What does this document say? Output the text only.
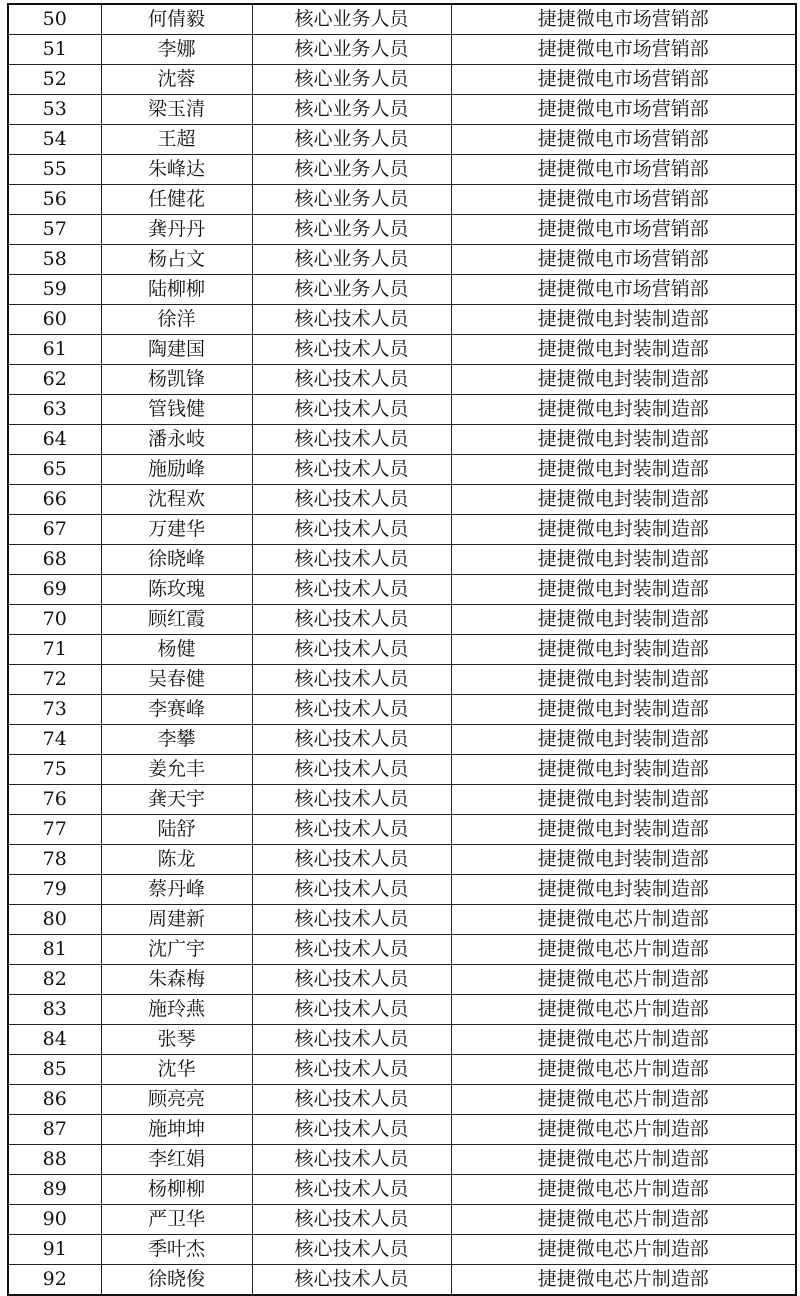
50	何倩毅	核心业务人员	捷捷微电市场营销部
51	李娜	核心业务人员	捷捷微电市场营销部
52	沈蓉	核心业务人员	捷捷微电市场营销部
53	梁玉清	核心业务人员	捷捷微电市场营销部
54	王超	核心业务人员	捷捷微电市场营销部
55	朱峰达	核心业务人员	捷捷微电市场营销部
56	任健花	核心业务人员	捷捷微电市场营销部
57	龚丹丹	核心业务人员	捷捷微电市场营销部
58	杨占文	核心业务人员	捷捷微电市场营销部
59	陆柳柳	核心业务人员	捷捷微电市场营销部
60	徐洋	核心技术人员	捷捷微电封装制造部
61	陶建国	核心技术人员	捷捷微电封装制造部
62	杨凯锋	核心技术人员	捷捷微电封装制造部
63	管钱健	核心技术人员	捷捷微电封装制造部
64	潘永岐	核心技术人员	捷捷微电封装制造部
65	施励峰	核心技术人员	捷捷微电封装制造部
66	沈程欢	核心技术人员	捷捷微电封装制造部
67	万建华	核心技术人员	捷捷微电封装制造部
68	徐晓峰	核心技术人员	捷捷微电封装制造部
69	陈玫瑰	核心技术人员	捷捷微电封装制造部
70	顾红霞	核心技术人员	捷捷微电封装制造部
71	杨健	核心技术人员	捷捷微电封装制造部
72	吴春健	核心技术人员	捷捷微电封装制造部
73	李赛峰	核心技术人员	捷捷微电封装制造部
74	李攀	核心技术人员	捷捷微电封装制造部
75	姜允丰	核心技术人员	捷捷微电封装制造部
76	龚天宇	核心技术人员	捷捷微电封装制造部
77	陆舒	核心技术人员	捷捷微电封装制造部
78	陈龙	核心技术人员	捷捷微电封装制造部
79	蔡丹峰	核心技术人员	捷捷微电封装制造部
80	周建新	核心技术人员	捷捷微电芯片制造部
81	沈广宇	核心技术人员	捷捷微电芯片制造部
82	朱森梅	核心技术人员	捷捷微电芯片制造部
83	施玲燕	核心技术人员	捷捷微电芯片制造部
84	张琴	核心技术人员	捷捷微电芯片制造部
85	沈华	核心技术人员	捷捷微电芯片制造部
86	顾亮亮	核心技术人员	捷捷微电芯片制造部
87	施坤坤	核心技术人员	捷捷微电芯片制造部
88	李红娟	核心技术人员	捷捷微电芯片制造部
89	杨柳柳	核心技术人员	捷捷微电芯片制造部
90	严卫华	核心技术人员	捷捷微电芯片制造部
91	季叶杰	核心技术人员	捷捷微电芯片制造部
92	徐晓俊	核心技术人员	捷捷微电芯片制造部
